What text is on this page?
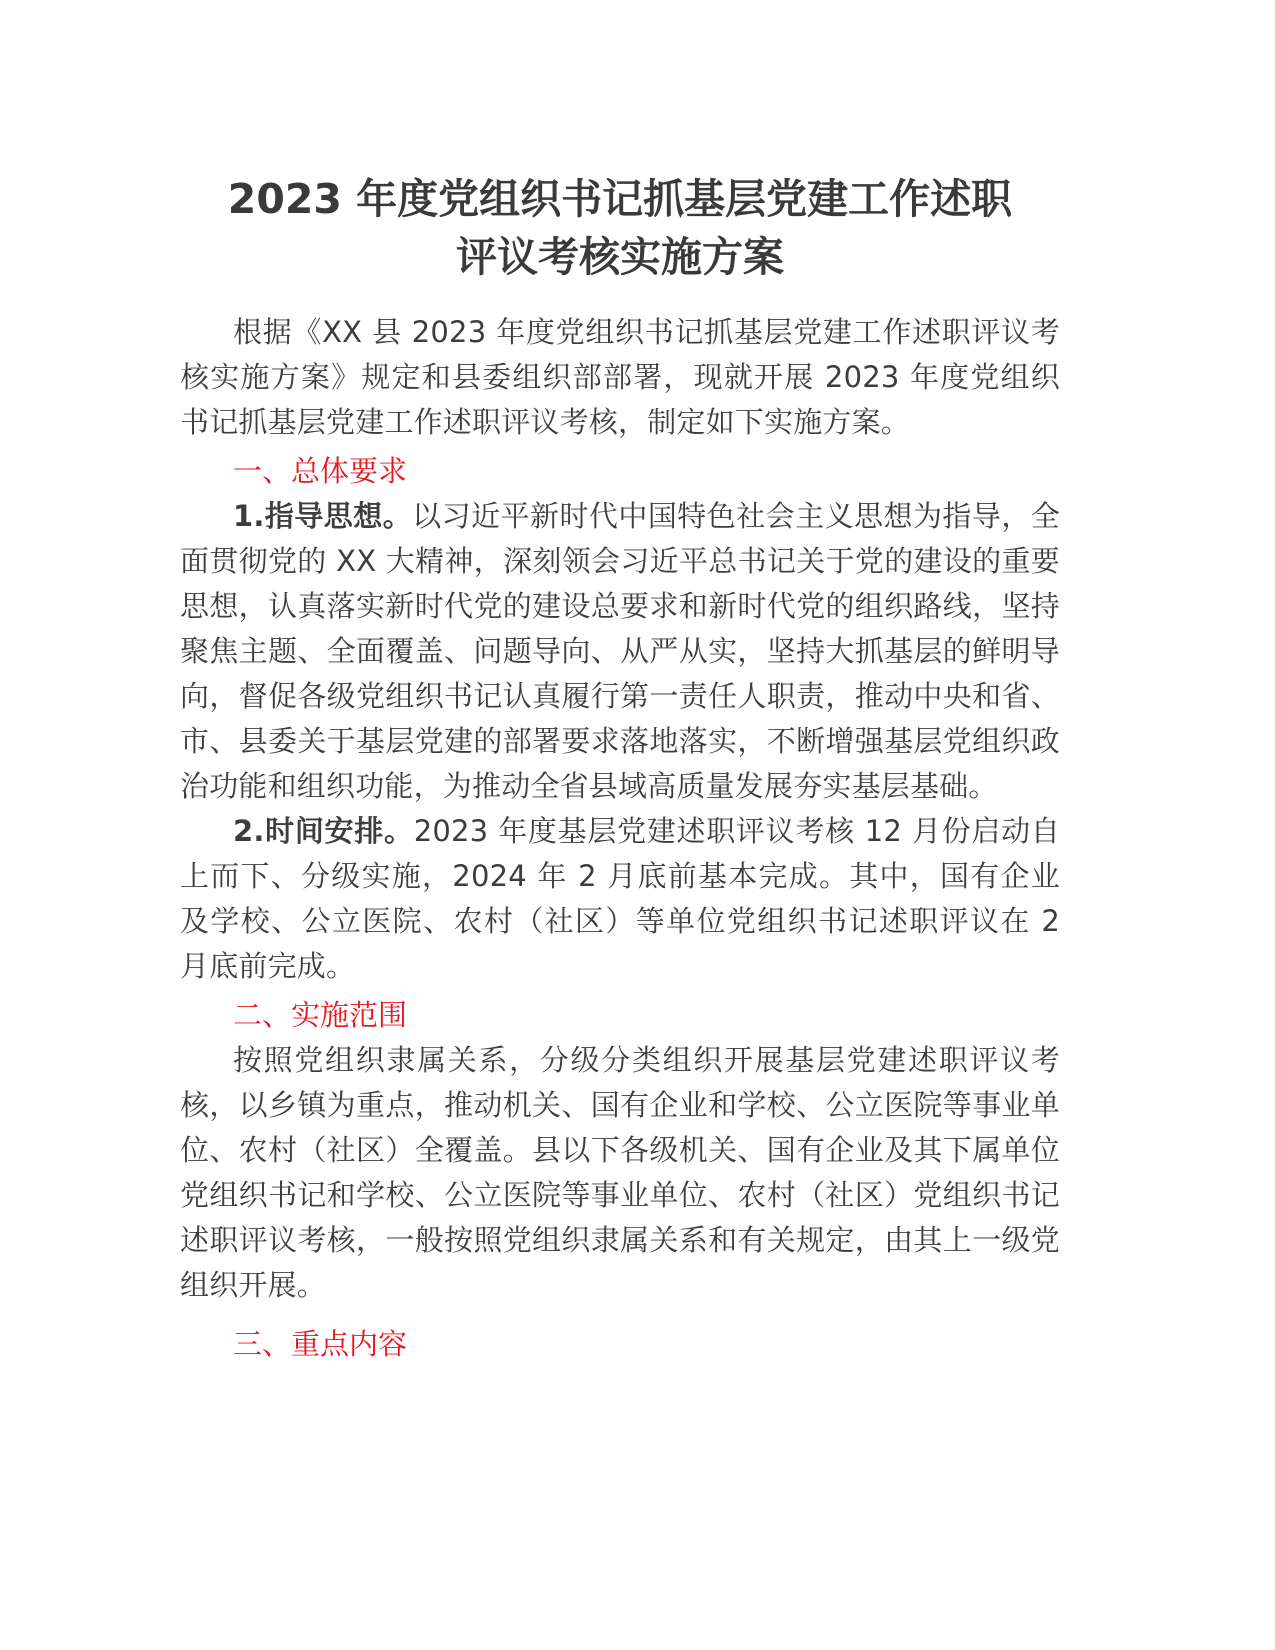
2023 年度党组织书记抓基层党建工作述职
评议考核实施方案

根据《XX 县 2023 年度党组织书记抓基层党建工作述职评议考核实施方案》规定和县委组织部部署，现就开展 2023 年度党组织书记抓基层党建工作述职评议考核，制定如下实施方案。

一、总体要求

1.指导思想。以习近平新时代中国特色社会主义思想为指导，全面贯彻党的 XX 大精神，深刻领会习近平总书记关于党的建设的重要思想，认真落实新时代党的建设总要求和新时代党的组织路线，坚持聚焦主题、全面覆盖、问题导向、从严从实，坚持大抓基层的鲜明导向，督促各级党组织书记认真履行第一责任人职责，推动中央和省、市、县委关于基层党建的部署要求落地落实，不断增强基层党组织政治功能和组织功能，为推动全省县域高质量发展夯实基层基础。

2.时间安排。2023 年度基层党建述职评议考核 12 月份启动自上而下、分级实施，2024 年 2 月底前基本完成。其中，国有企业及学校、公立医院、农村（社区）等单位党组织书记述职评议在 2 月底前完成。

二、实施范围

按照党组织隶属关系，分级分类组织开展基层党建述职评议考核，以乡镇为重点，推动机关、国有企业和学校、公立医院等事业单位、农村（社区）全覆盖。县以下各级机关、国有企业及其下属单位党组织书记和学校、公立医院等事业单位、农村（社区）党组织书记述职评议考核，一般按照党组织隶属关系和有关规定，由其上一级党组织开展。

三、重点内容
